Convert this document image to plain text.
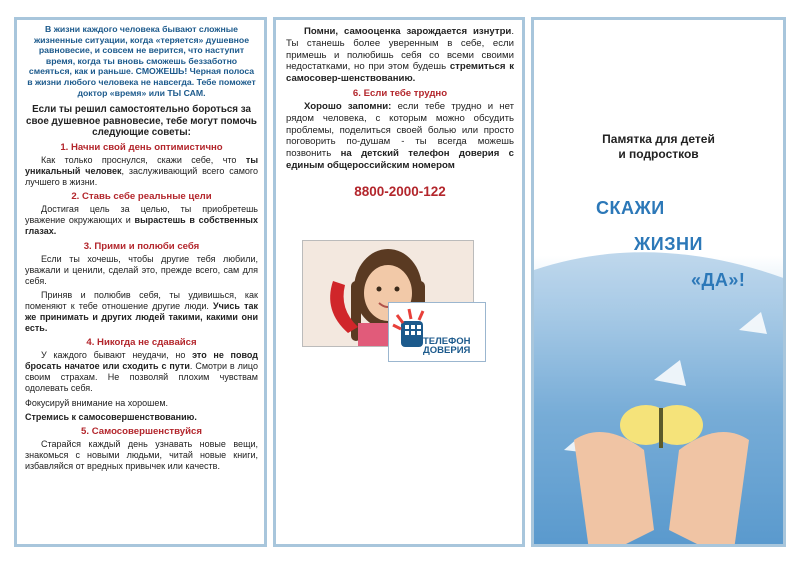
В жизни каждого человека бывают сложные жизненные ситуации, когда «теряется» душевное равновесие, и совсем не верится, что наступит время, когда ты вновь сможешь беззаботно смеяться, как и раньше. СМОЖЕШЬ! Черная полоса в жизни любого человека не навсегда. Тебе поможет доктор «время» или ТЫ САМ.
Если ты решил самостоятельно бороться за свое душевное равновесие, тебе могут помочь следующие советы:
1. Начни свой день оптимистично

Как только проснулся, скажи себе, что ты уникальный человек, заслуживающий всего самого лучшего в жизни.

2. Ставь себе реальные цели

Достигая цель за целью, ты приобретешь уважение окружающих и вырастешь в собственных глазах.

3. Прими и полюби себя

Если ты хочешь, чтобы другие тебя любили, уважали и ценили, сделай это, прежде всего, сам для себя.

Приняв и полюбив себя, ты удивишься, как поменяют к тебе отношение другие люди. Учись так же принимать и других людей такими, какими они есть.

4. Никогда не сдавайся

У каждого бывают неудачи, но это не повод бросать начатое или сходить с пути. Смотри в лицо своим страхам. Не позволяй плохим чувствам одолевать себя.

Фокусируй внимание на хорошем.

Стремись к самосовершенствованию.

5. Самосовершенствуйся

Старайся каждый день узнавать новые вещи, знакомься с новыми людьми, читай новые книги, избавляйся от вредных привычек или качеств.

Помни, самооценка зарождается изнутри. Ты станешь более уверенным в себе, если примешь и полюбишь себя со всеми своими недостатками, но при этом будешь стремиться к самосовер-шенствованию.

6. Если тебе трудно

Хорошо запомни: если тебе трудно и нет рядом человека, с которым можно обсудить проблемы, поделиться своей болью или просто поговорить по-душам - ты всегда можешь позвонить на детский телефон доверия с единым общероссийским номером

8800-2000-122
ТЕЛЕФОН
ДОВЕРИЯ
Памятка для детей
и подростков
СКАЖИ
ЖИЗНИ
«ДА»!
